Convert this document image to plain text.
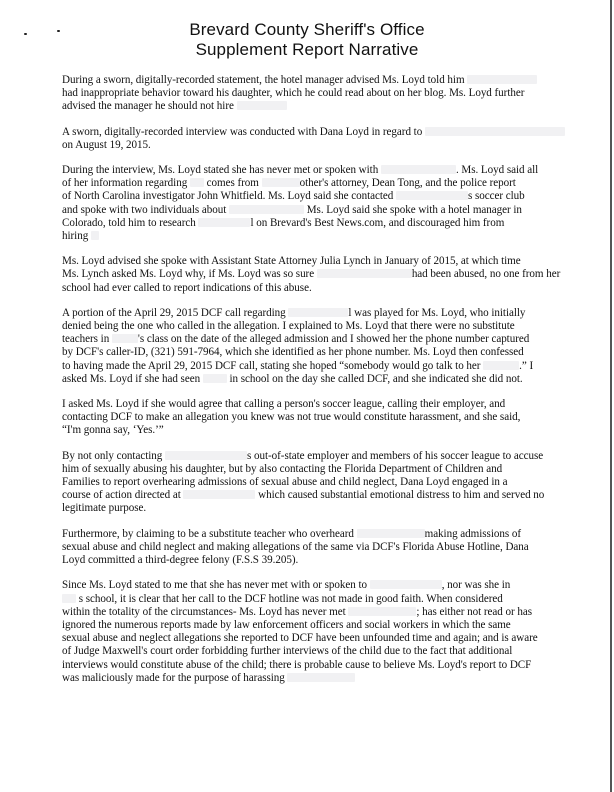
Brevard County Sheriff's Office
Supplement Report Narrative

During a sworn, digitally-recorded statement, the hotel manager advised Ms. Loyd told him
had inappropriate behavior toward his daughter, which he could read about on her blog. Ms. Loyd further
advised the manager he should not hire

A sworn, digitally-recorded interview was conducted with Dana Loyd in regard to
on August 19, 2015.

During the interview, Ms. Loyd stated she has never met or spoken with	. Ms. Loyd said all
of her information regarding  comes from	other's attorney, Dean Tong, and the police report
of North Carolina investigator John Whitfield. Ms. Loyd said she contacted	s soccer club
and spoke with two individuals about	Ms. Loyd said she spoke with a hotel manager in
Colorado, told him to research	l on Brevard's Best News.com, and discouraged him from
hiring

Ms. Loyd advised she spoke with Assistant State Attorney Julia Lynch in January of 2015, at which time
Ms. Lynch asked Ms. Loyd why, if Ms. Loyd was so sure	had been abused, no one from her
school had ever called to report indications of this abuse.

A portion of the April 29, 2015 DCF call regarding	l was played for Ms. Loyd, who initially
denied being the one who called in the allegation. I explained to Ms. Loyd that there were no substitute
teachers in 's class on the date of the alleged admission and I showed her the phone number captured
by DCF's caller-ID, (321) 591-7964, which she identified as her phone number. Ms. Loyd then confessed
to having made the April 29, 2015 DCF call, stating she hoped “somebody would go talk to her	.” I
asked Ms. Loyd if she had seen  in school on the day she called DCF, and she indicated she did not.

I asked Ms. Loyd if she would agree that calling a person's soccer league, calling their employer, and
contacting DCF to make an allegation you knew was not true would constitute harassment, and she said,
“I'm gonna say, ‘Yes.’”

By not only contacting	s out-of-state employer and members of his soccer league to accuse
him of sexually abusing his daughter, but by also contacting the Florida Department of Children and
Families to report overhearing admissions of sexual abuse and child neglect, Dana Loyd engaged in a
course of action directed at	which caused substantial emotional distress to him and served no
legitimate purpose.

Furthermore, by claiming to be a substitute teacher who overheard	making admissions of
sexual abuse and child neglect and making allegations of the same via DCF's Florida Abuse Hotline, Dana
Loyd committed a third-degree felony (F.S.S 39.205).

Since Ms. Loyd stated to me that she has never met with or spoken to	, nor was she in
s school, it is clear that her call to the DCF hotline was not made in good faith. When considered
within the totality of the circumstances- Ms. Loyd has never met	; has either not read or has
ignored the numerous reports made by law enforcement officers and social workers in which the same
sexual abuse and neglect allegations she reported to DCF have been unfounded time and again; and is aware
of Judge Maxwell's court order forbidding further interviews of the child due to the fact that additional
interviews would constitute abuse of the child; there is probable cause to believe Ms. Loyd's report to DCF
was maliciously made for the purpose of harassing
